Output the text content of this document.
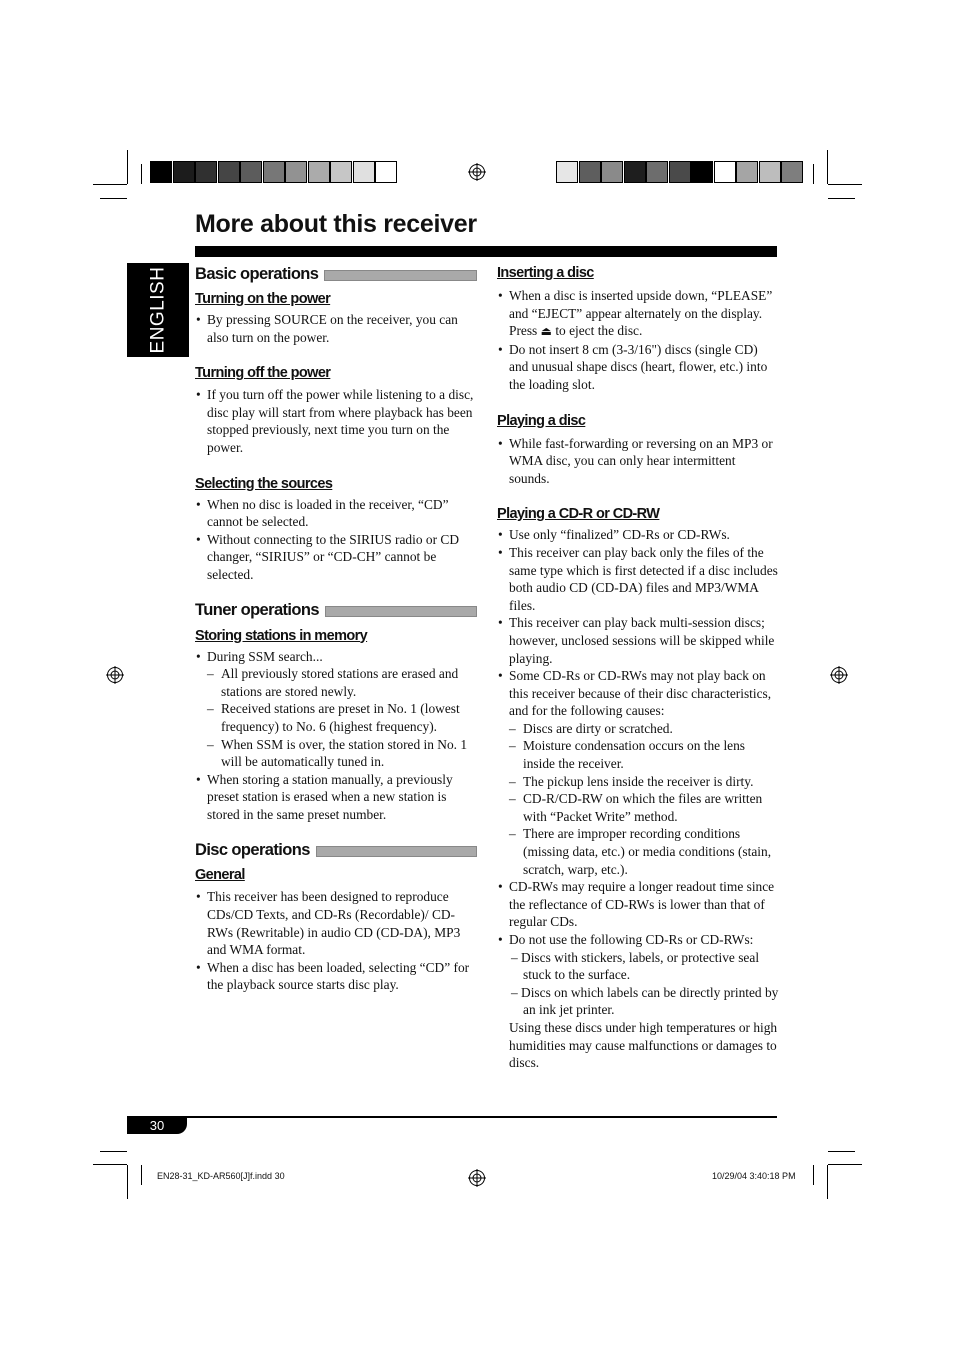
More about this receiver
ENGLISH Basic operations
Turning on the power
• By pressing SOURCE on the receiver, you can also turn on the power.
Turning off the power
• If you turn off the power while listening to a disc, disc play will start from where playback has been stopped previously, next time you turn on the power.
Selecting the sources
• When no disc is loaded in the receiver, “CD” cannot be selected.
• Without connecting to the SIRIUS radio or CD changer, “SIRIUS” or “CD-CH” cannot be selected.
Tuner operations
Storing stations in memory
• During SSM search...
– All previously stored stations are erased and stations are stored newly.
– Received stations are preset in No. 1 (lowest frequency) to No. 6 (highest frequency).
– When SSM is over, the station stored in No. 1 will be automatically tuned in.
• When storing a station manually, a previously preset station is erased when a new station is stored in the same preset number.
Disc operations
General
• This receiver has been designed to reproduce CDs/CD Texts, and CD-Rs (Recordable)/ CD-RWs (Rewritable) in audio CD (CD-DA), MP3 and WMA format.
• When a disc has been loaded, selecting “CD” for the playback source starts disc play.
Inserting a disc
• When a disc is inserted upside down, “PLEASE” and “EJECT” appear alternately on the display. Press ⏏ to eject the disc.
• Do not insert 8 cm (3-3/16") discs (single CD) and unusual shape discs (heart, flower, etc.) into the loading slot.
Playing a disc
• While fast-forwarding or reversing on an MP3 or WMA disc, you can only hear intermittent sounds.
Playing a CD-R or CD-RW
• Use only “finalized” CD-Rs or CD-RWs.
• This receiver can play back only the files of the same type which is first detected if a disc includes both audio CD (CD-DA) files and MP3/WMA files.
• This receiver can play back multi-session discs; however, unclosed sessions will be skipped while playing.
• Some CD-Rs or CD-RWs may not play back on this receiver because of their disc characteristics, and for the following causes:
– Discs are dirty or scratched.
– Moisture condensation occurs on the lens inside the receiver.
– The pickup lens inside the receiver is dirty.
– CD-R/CD-RW on which the files are written with “Packet Write” method.
– There are improper recording conditions (missing data, etc.) or media conditions (stain, scratch, warp, etc.).
• CD-RWs may require a longer readout time since the reflectance of CD-RWs is lower than that of regular CDs.
• Do not use the following CD-Rs or CD-RWs:
– Discs with stickers, labels, or protective seal stuck to the surface.
– Discs on which labels can be directly printed by an ink jet printer.
Using these discs under high temperatures or high humidities may cause malfunctions or damages to discs.
30
EN28-31_KD-AR560[J]f.indd 30	10/29/04 3:40:18 PM
